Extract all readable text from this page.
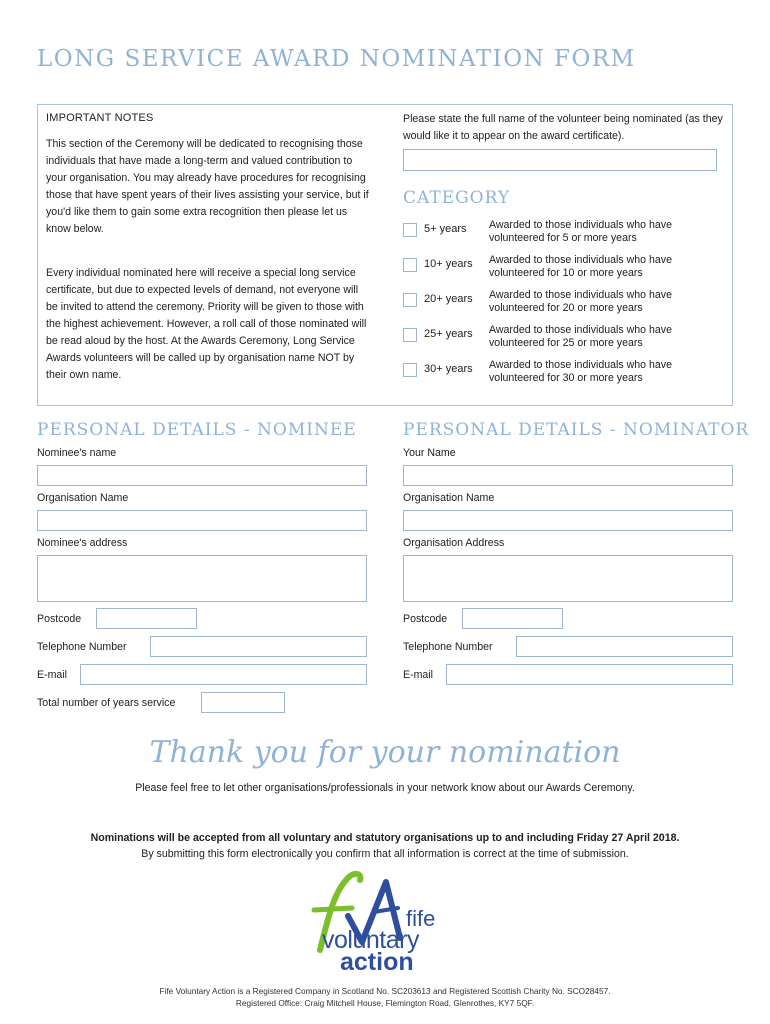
LONG SERVICE AWARD NOMINATION FORM
IMPORTANT NOTES
This section of the Ceremony will be dedicated to recognising those individuals that have made a long-term and valued contribution to your organisation. You may already have procedures for recognising those that have spent years of their lives assisting your service, but if you'd like them to gain some extra recognition then please let us know below.
Every individual nominated here will receive a special long service certificate, but due to expected levels of demand, not everyone will be invited to attend the ceremony. Priority will be given to those with the highest achievement. However, a roll call of those nominated will be read aloud by the host. At the Awards Ceremony, Long Service Awards volunteers will be called up by organisation name NOT by their own name.
Please state the full name of the volunteer being nominated (as they would like it to appear on the award certificate).
CATEGORY
5+ years Awarded to those individuals who have volunteered for 5 or more years
10+ years Awarded to those individuals who have volunteered for 10 or more years
20+ years Awarded to those individuals who have volunteered for 20 or more years
25+ years Awarded to those individuals who have volunteered for 25 or more years
30+ years Awarded to those individuals who have volunteered for 30 or more years
PERSONAL DETAILS - NOMINEE
Nominee's name
Organisation Name
Nominee's address
Postcode
Telephone Number
E-mail
Total number of years service
PERSONAL DETAILS - NOMINATOR
Your Name
Organisation Name
Organisation Address
Postcode
Telephone Number
E-mail
Thank you for your nomination
Please feel free to let other organisations/professionals in your network know about our Awards Ceremony.
Nominations will be accepted from all voluntary and statutory organisations up to and including Friday 27 April 2018.
By submitting this form electronically you confirm that all information is correct at the time of submission.
fife
voluntary
action
Fife Voluntary Action is a Registered Company in Scotland No. SC203613 and Registered Scottish Charity No. SCO28457.
Registered Office: Craig Mitchell House, Flemington Road, Glenrothes, KY7 5QF.
